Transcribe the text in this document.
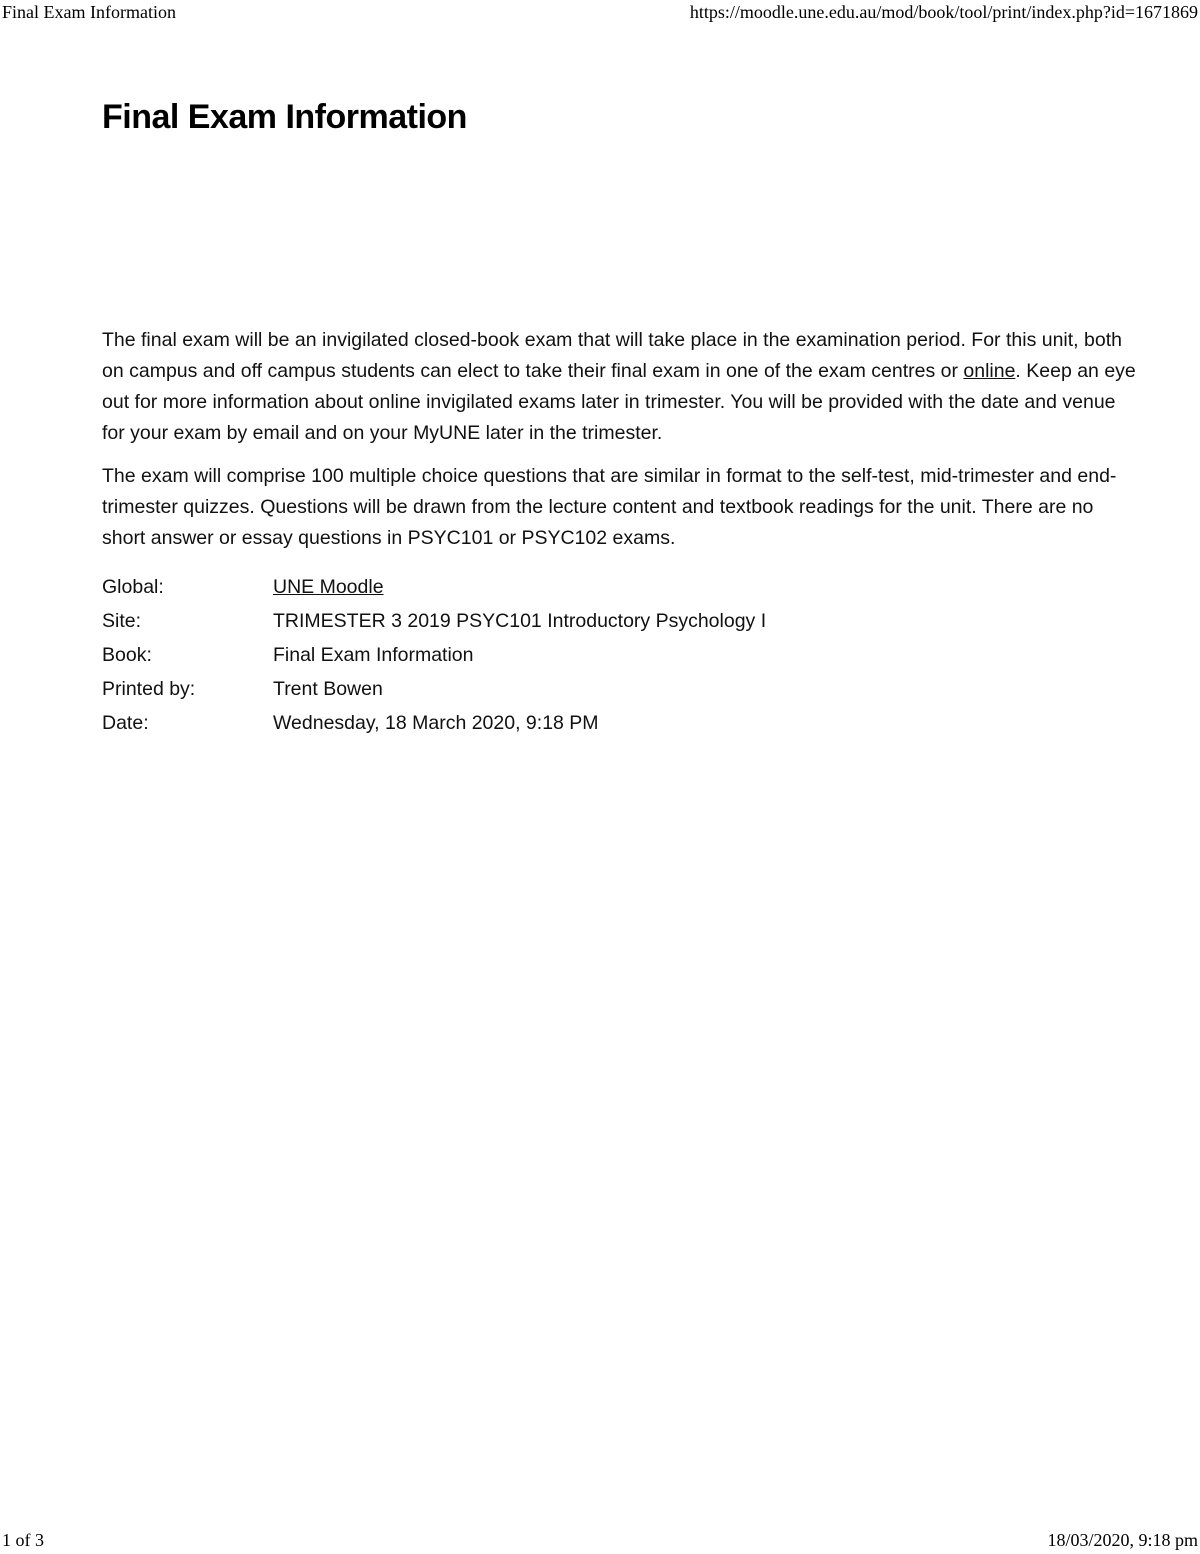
Final Exam Information	https://moodle.une.edu.au/mod/book/tool/print/index.php?id=1671869
Final Exam Information

The final exam will be an invigilated closed-book exam that will take place in the examination period. For this unit, both on campus and off campus students can elect to take their final exam in one of the exam centres or online. Keep an eye out for more information about online invigilated exams later in trimester. You will be provided with the date and venue for your exam by email and on your MyUNE later in the trimester.

The exam will comprise 100 multiple choice questions that are similar in format to the self-test, mid-trimester and end-trimester quizzes. Questions will be drawn from the lecture content and textbook readings for the unit. There are no short answer or essay questions in PSYC101 or PSYC102 exams.

Global:	UNE Moodle
Site:	TRIMESTER 3 2019 PSYC101 Introductory Psychology I
Book:	Final Exam Information
Printed by:	Trent Bowen
Date:	Wednesday, 18 March 2020, 9:18 PM
1 of 3	18/03/2020, 9:18 pm
